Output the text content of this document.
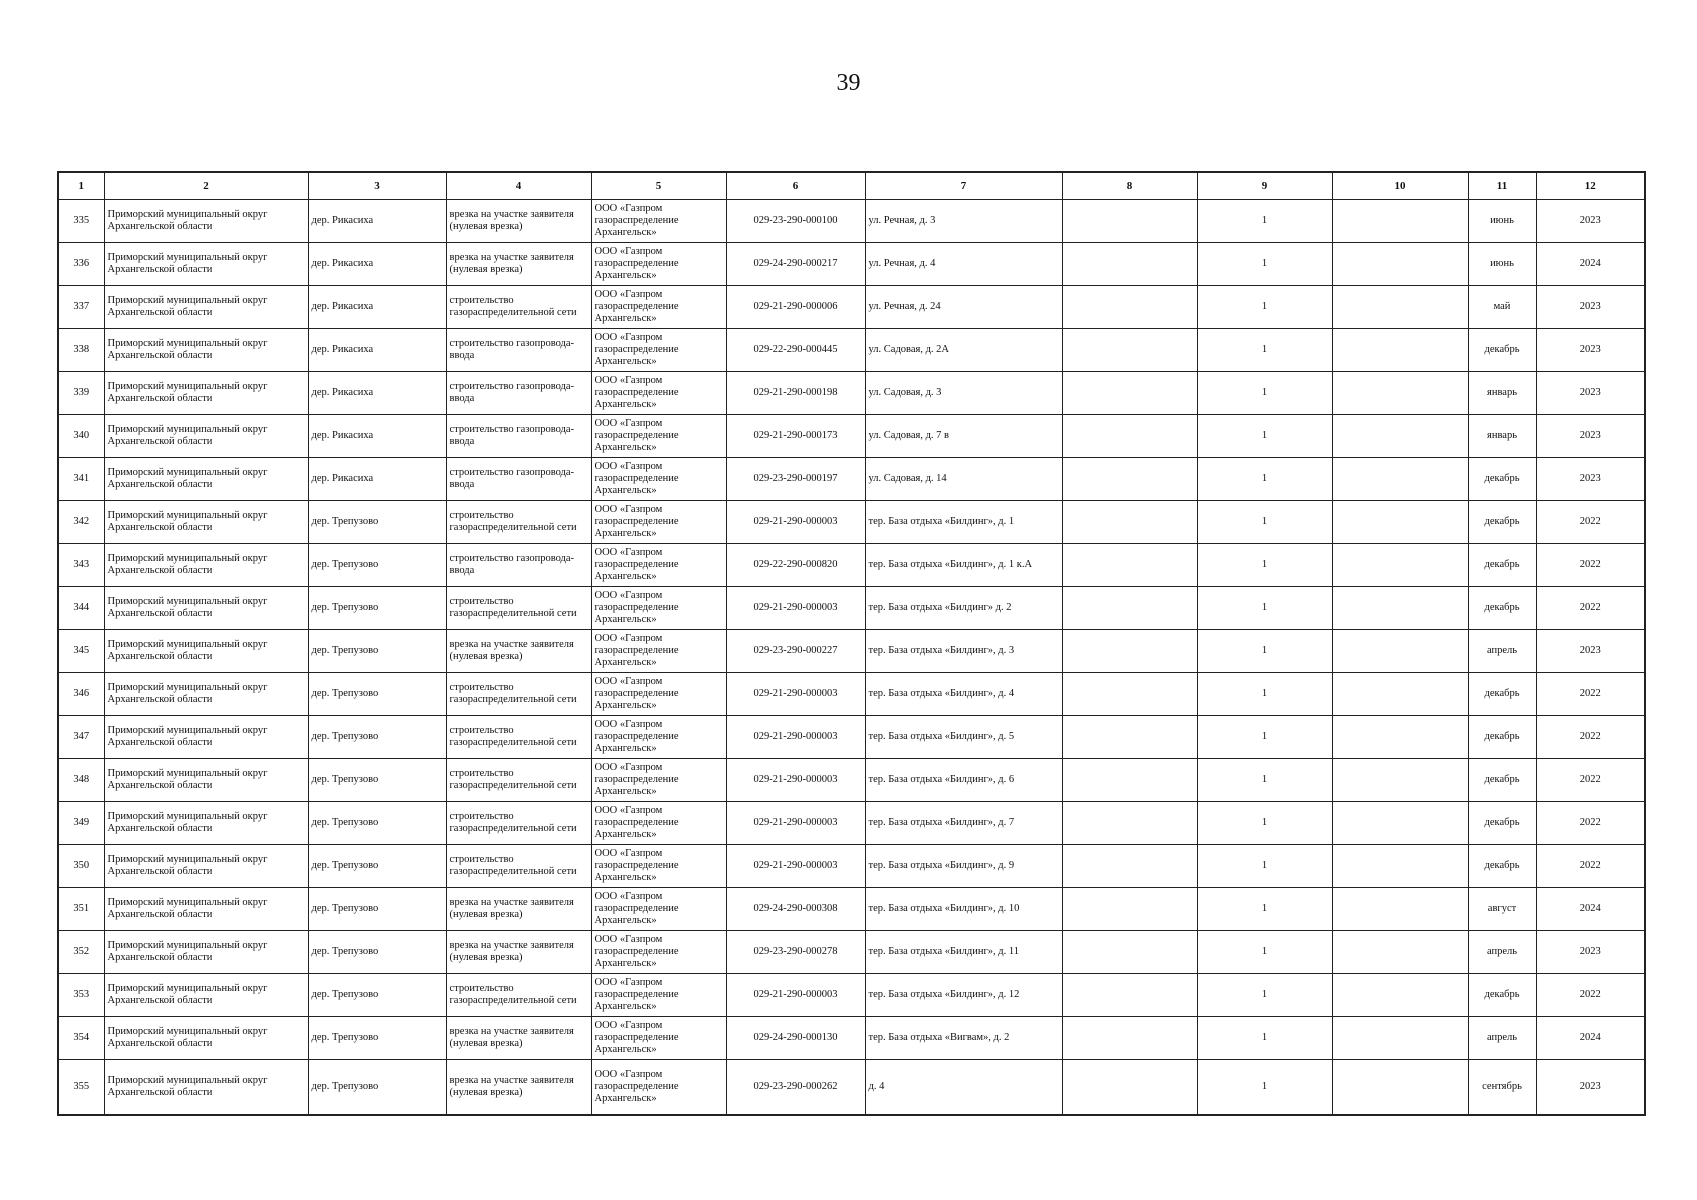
39
1	2	3	4	5	6	7	8	9	10	11	12
335	Приморский муниципальный округ Архангельской области	дер. Рикасиха	врезка на участке заявителя (нулевая врезка)	ООО «Газпром газораспределение Архангельск»	029-23-290-000100	ул. Речная, д. 3		1		июнь	2023
336	Приморский муниципальный округ Архангельской области	дер. Рикасиха	врезка на участке заявителя (нулевая врезка)	ООО «Газпром газораспределение Архангельск»	029-24-290-000217	ул. Речная, д. 4		1		июнь	2024
337	Приморский муниципальный округ Архангельской области	дер. Рикасиха	строительство газораспределительной сети	ООО «Газпром газораспределение Архангельск»	029-21-290-000006	ул. Речная, д. 24		1		май	2023
338	Приморский муниципальный округ Архангельской области	дер. Рикасиха	строительство газопровода-ввода	ООО «Газпром газораспределение Архангельск»	029-22-290-000445	ул. Садовая, д. 2А		1		декабрь	2023
339	Приморский муниципальный округ Архангельской области	дер. Рикасиха	строительство газопровода-ввода	ООО «Газпром газораспределение Архангельск»	029-21-290-000198	ул. Садовая, д. 3		1		январь	2023
340	Приморский муниципальный округ Архангельской области	дер. Рикасиха	строительство газопровода-ввода	ООО «Газпром газораспределение Архангельск»	029-21-290-000173	ул. Садовая, д. 7 в		1		январь	2023
341	Приморский муниципальный округ Архангельской области	дер. Рикасиха	строительство газопровода-ввода	ООО «Газпром газораспределение Архангельск»	029-23-290-000197	ул. Садовая, д. 14		1		декабрь	2023
342	Приморский муниципальный округ Архангельской области	дер. Трепузово	строительство газораспределительной сети	ООО «Газпром газораспределение Архангельск»	029-21-290-000003	тер. База отдыха «Билдинг», д. 1		1		декабрь	2022
343	Приморский муниципальный округ Архангельской области	дер. Трепузово	строительство газопровода-ввода	ООО «Газпром газораспределение Архангельск»	029-22-290-000820	тер. База отдыха «Билдинг», д. 1 к.А		1		декабрь	2022
344	Приморский муниципальный округ Архангельской области	дер. Трепузово	строительство газораспределительной сети	ООО «Газпром газораспределение Архангельск»	029-21-290-000003	тер. База отдыха «Билдинг» д. 2		1		декабрь	2022
345	Приморский муниципальный округ Архангельской области	дер. Трепузово	врезка на участке заявителя (нулевая врезка)	ООО «Газпром газораспределение Архангельск»	029-23-290-000227	тер. База отдыха «Билдинг», д. 3		1		апрель	2023
346	Приморский муниципальный округ Архангельской области	дер. Трепузово	строительство газораспределительной сети	ООО «Газпром газораспределение Архангельск»	029-21-290-000003	тер. База отдыха «Билдинг», д. 4		1		декабрь	2022
347	Приморский муниципальный округ Архангельской области	дер. Трепузово	строительство газораспределительной сети	ООО «Газпром газораспределение Архангельск»	029-21-290-000003	тер. База отдыха «Билдинг», д. 5		1		декабрь	2022
348	Приморский муниципальный округ Архангельской области	дер. Трепузово	строительство газораспределительной сети	ООО «Газпром газораспределение Архангельск»	029-21-290-000003	тер. База отдыха «Билдинг», д. 6		1		декабрь	2022
349	Приморский муниципальный округ Архангельской области	дер. Трепузово	строительство газораспределительной сети	ООО «Газпром газораспределение Архангельск»	029-21-290-000003	тер. База отдыха «Билдинг», д. 7		1		декабрь	2022
350	Приморский муниципальный округ Архангельской области	дер. Трепузово	строительство газораспределительной сети	ООО «Газпром газораспределение Архангельск»	029-21-290-000003	тер. База отдыха «Билдинг», д. 9		1		декабрь	2022
351	Приморский муниципальный округ Архангельской области	дер. Трепузово	врезка на участке заявителя (нулевая врезка)	ООО «Газпром газораспределение Архангельск»	029-24-290-000308	тер. База отдыха «Билдинг», д. 10		1		август	2024
352	Приморский муниципальный округ Архангельской области	дер. Трепузово	врезка на участке заявителя (нулевая врезка)	ООО «Газпром газораспределение Архангельск»	029-23-290-000278	тер. База отдыха «Билдинг», д. 11		1		апрель	2023
353	Приморский муниципальный округ Архангельской области	дер. Трепузово	строительство газораспределительной сети	ООО «Газпром газораспределение Архангельск»	029-21-290-000003	тер. База отдыха «Билдинг», д. 12		1		декабрь	2022
354	Приморский муниципальный округ Архангельской области	дер. Трепузово	врезка на участке заявителя (нулевая врезка)	ООО «Газпром газораспределение Архангельск»	029-24-290-000130	тер. База отдыха «Вигвам», д. 2		1		апрель	2024
355	Приморский муниципальный округ Архангельской области	дер. Трепузово	врезка на участке заявителя (нулевая врезка)	ООО «Газпром газораспределение Архангельск»	029-23-290-000262	д. 4		1		сентябрь	2023
